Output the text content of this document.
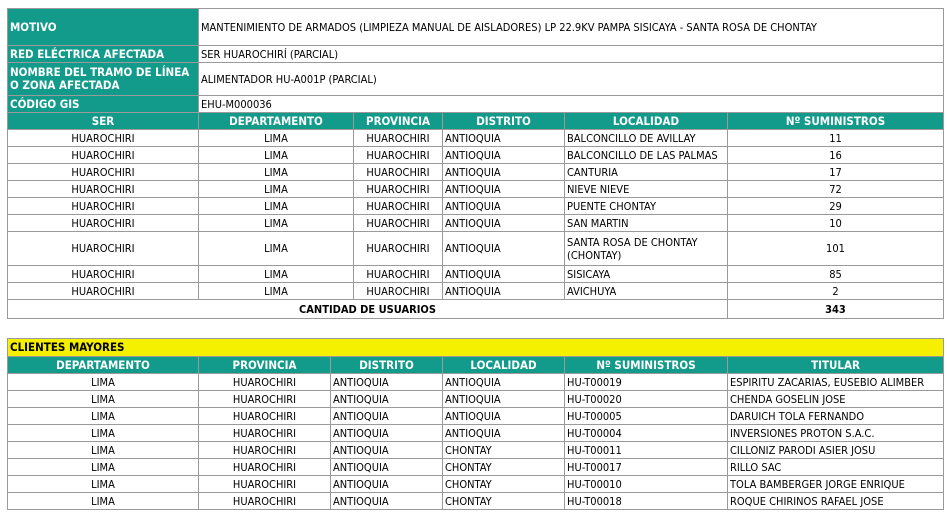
MOTIVO	MANTENIMIENTO DE ARMADOS (LIMPIEZA MANUAL DE AISLADORES) LP 22.9KV PAMPA SISICAYA - SANTA ROSA DE CHONTAY				
RED ELÉCTRICA AFECTADA	SER HUAROCHIRÍ (PARCIAL)				
NOMBRE DEL TRAMO DE LÍNEA O ZONA AFECTADA	ALIMENTADOR HU-A001P (PARCIAL)				
CÓDIGO GIS	EHU-M000036				
SER	DEPARTAMENTO	PROVINCIA	DISTRITO	LOCALIDAD	Nº SUMINISTROS
HUAROCHIRI	LIMA	HUAROCHIRI	ANTIOQUIA	BALCONCILLO DE AVILLAY	11
HUAROCHIRI	LIMA	HUAROCHIRI	ANTIOQUIA	BALCONCILLO DE LAS PALMAS	16
HUAROCHIRI	LIMA	HUAROCHIRI	ANTIOQUIA	CANTURIA	17
HUAROCHIRI	LIMA	HUAROCHIRI	ANTIOQUIA	NIEVE NIEVE	72
HUAROCHIRI	LIMA	HUAROCHIRI	ANTIOQUIA	PUENTE CHONTAY	29
HUAROCHIRI	LIMA	HUAROCHIRI	ANTIOQUIA	SAN MARTIN	10
HUAROCHIRI	LIMA	HUAROCHIRI	ANTIOQUIA	SANTA ROSA DE CHONTAY (CHONTAY)	101
HUAROCHIRI	LIMA	HUAROCHIRI	ANTIOQUIA	SISICAYA	85
HUAROCHIRI	LIMA	HUAROCHIRI	ANTIOQUIA	AVICHUYA	2
CANTIDAD DE USUARIOS					343
CLIENTES MAYORES					
DEPARTAMENTO	PROVINCIA	DISTRITO	LOCALIDAD	Nº SUMINISTROS	TITULAR
LIMA	HUAROCHIRI	ANTIOQUIA	ANTIOQUIA	HU-T00019	ESPIRITU ZACARIAS, EUSEBIO ALIMBER
LIMA	HUAROCHIRI	ANTIOQUIA	ANTIOQUIA	HU-T00020	CHENDA GOSELIN JOSE
LIMA	HUAROCHIRI	ANTIOQUIA	ANTIOQUIA	HU-T00005	DARUICH TOLA FERNANDO
LIMA	HUAROCHIRI	ANTIOQUIA	ANTIOQUIA	HU-T00004	INVERSIONES PROTON S.A.C.
LIMA	HUAROCHIRI	ANTIOQUIA	CHONTAY	HU-T00011	CILLONIZ PARODI ASIER JOSU
LIMA	HUAROCHIRI	ANTIOQUIA	CHONTAY	HU-T00017	RILLO SAC
LIMA	HUAROCHIRI	ANTIOQUIA	CHONTAY	HU-T00010	TOLA BAMBERGER JORGE ENRIQUE
LIMA	HUAROCHIRI	ANTIOQUIA	CHONTAY	HU-T00018	ROQUE CHIRINOS RAFAEL JOSE
